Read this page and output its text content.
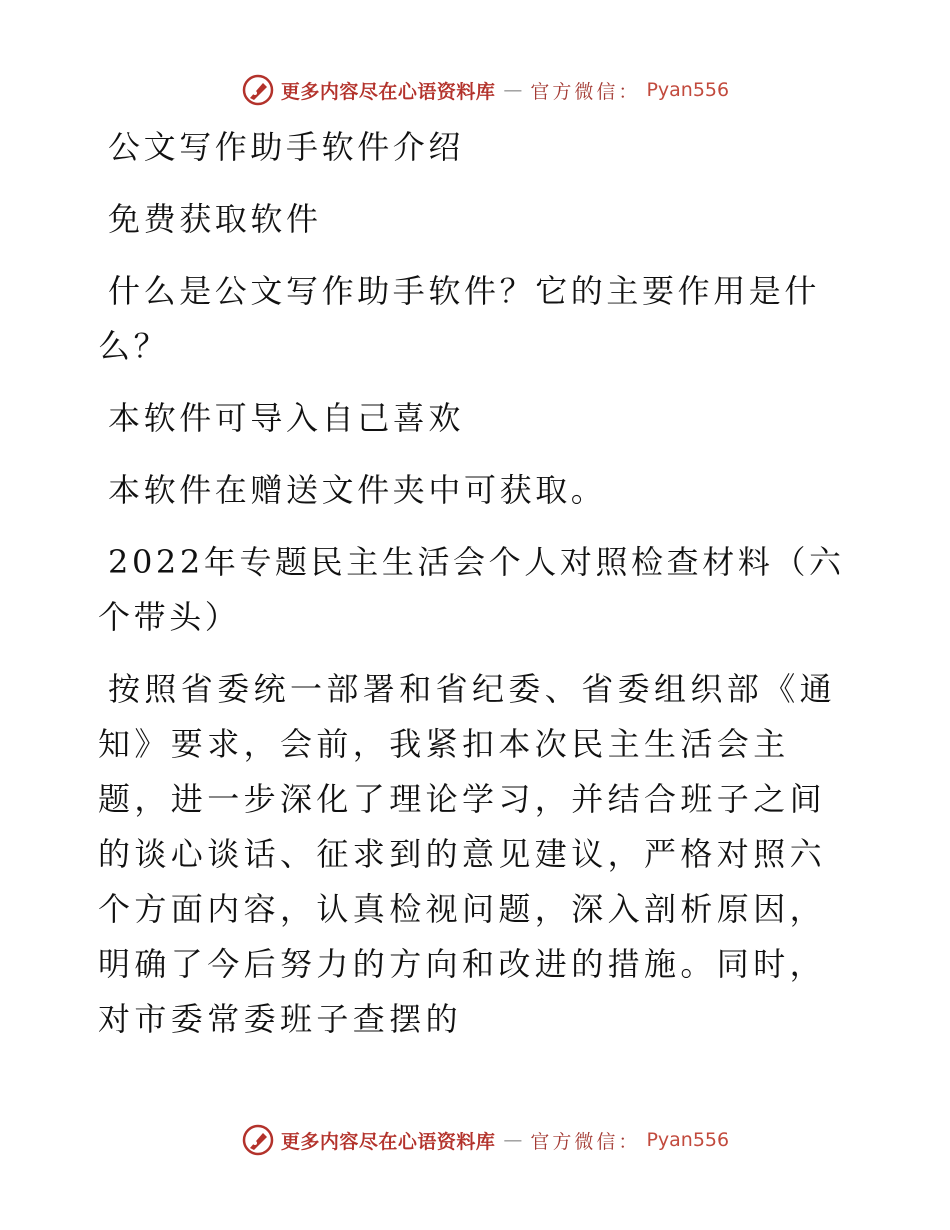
更多内容尽在心语资料库 — 官方微信： Pyan556

公文写作助手软件介绍

免费获取软件

什么是公文写作助手软件？它的主要作用是什么？

本软件可导入自己喜欢

本软件在赠送文件夹中可获取。

2022年专题民主生活会个人对照检查材料（六个带头）

按照省委统一部署和省纪委、省委组织部《通知》要求，会前，我紧扣本次民主生活会主题，进一步深化了理论学习，并结合班子之间的谈心谈话、征求到的意见建议，严格对照六个方面内容，认真检视问题，深入剖析原因，明确了今后努力的方向和改进的措施。同时，对市委常委班子查摆的

更多内容尽在心语资料库 — 官方微信： Pyan556
